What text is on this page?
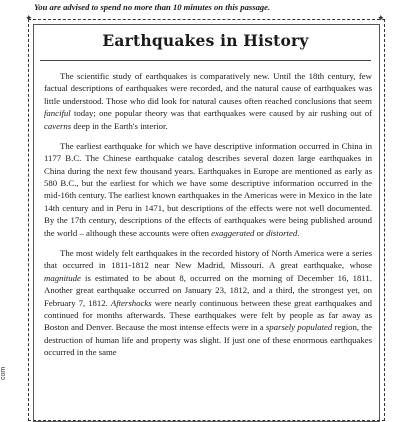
You are advised to spend no more than 10 minutes on this passage.
com
✦	✦
Earthquakes in History

The scientific study of earthquakes is comparatively new. Until the 18th century, few factual descriptions of earthquakes were recorded, and the natural cause of earthquakes was little understood. Those who did look for natural causes often reached conclusions that seem fanciful today; one popular theory was that earthquakes were caused by air rushing out of caverns deep in the Earth's interior.

The earliest earthquake for which we have descriptive information occurred in China in 1177 B.C. The Chinese earthquake catalog describes several dozen large earthquakes in China during the next few thousand years. Earthquakes in Europe are mentioned as early as 580 B.C., but the earliest for which we have some descriptive information occurred in the mid-16th century. The earliest known earthquakes in the Americas were in Mexico in the late 14th century and in Peru in 1471, but descriptions of the effects were not well documented. By the 17th century, descriptions of the effects of earthquakes were being published around the world – although these accounts were often exaggerated or distorted.

The most widely felt earthquakes in the recorded history of North America were a series that occurred in 1811-1812 near New Madrid, Missouri. A great earthquake, whose magnitude is estimated to be about 8, occurred on the morning of December 16, 1811. Another great earthquake occurred on January 23, 1812, and a third, the strongest yet, on February 7, 1812. Aftershocks were nearly continuous between these great earthquakes and continued for months afterwards. These earthquakes were felt by people as far away as Boston and Denver. Because the most intense effects were in a sparsely populated region, the destruction of human life and property was slight. If just one of these enormous earthquakes occurred in the same
